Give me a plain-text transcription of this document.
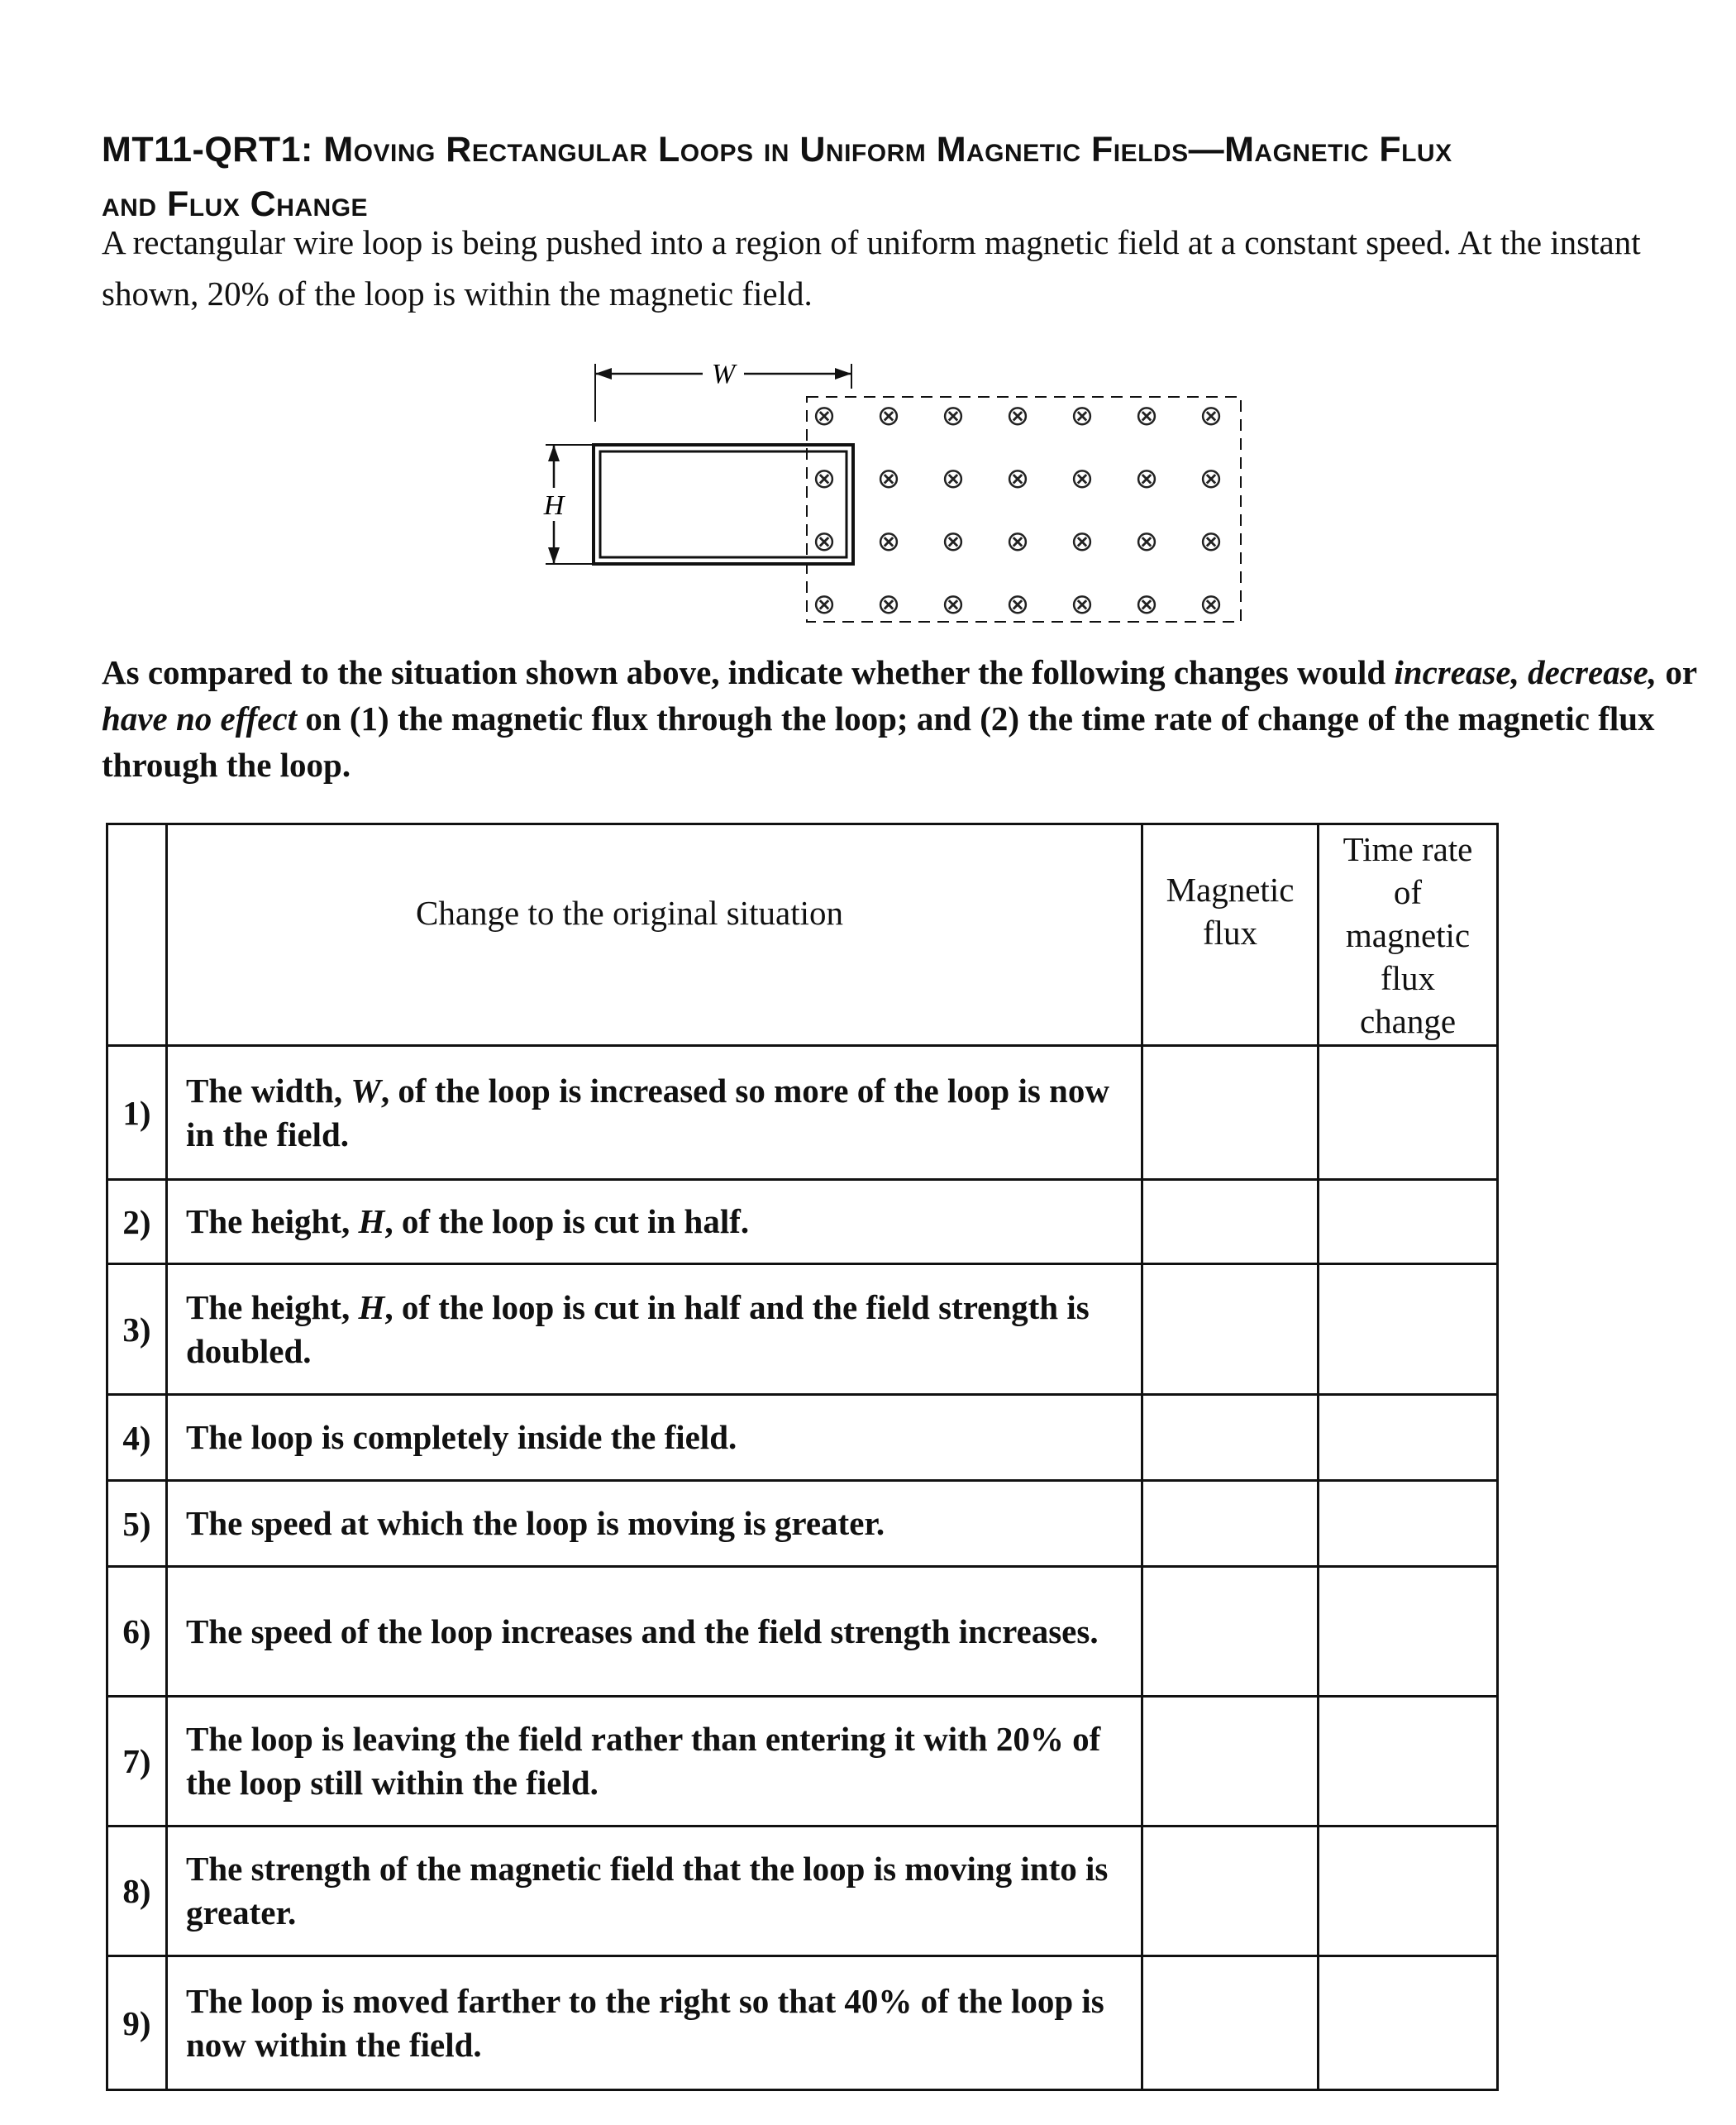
MT11-QRT1: Moving Rectangular Loops in Uniform Magnetic Fields—Magnetic Flux
and Flux Change
A rectangular wire loop is being pushed into a region of uniform magnetic field at a constant speed. At the instant shown, 20% of the loop is within the magnetic field.
W
H
⊗ ⊗ ⊗ ⊗ ⊗ ⊗ ⊗
⊗ ⊗ ⊗ ⊗ ⊗ ⊗ ⊗
⊗ ⊗ ⊗ ⊗ ⊗ ⊗ ⊗
⊗ ⊗ ⊗ ⊗ ⊗ ⊗ ⊗
As compared to the situation shown above, indicate whether the following changes would increase, decrease, or have no effect on (1) the magnetic flux through the loop; and (2) the time rate of change of the magnetic flux through the loop.
	Change to the original situation	Magnetic flux	Time rate of magnetic flux change
1)	The width, W, of the loop is increased so more of the loop is now in the field.		
2)	The height, H, of the loop is cut in half.		
3)	The height, H, of the loop is cut in half and the field strength is doubled.		
4)	The loop is completely inside the field.		
5)	The speed at which the loop is moving is greater.		
6)	The speed of the loop increases and the field strength increases.		
7)	The loop is leaving the field rather than entering it with 20% of the loop still within the field.		
8)	The strength of the magnetic field that the loop is moving into is greater.		
9)	The loop is moved farther to the right so that 40% of the loop is now within the field.		
